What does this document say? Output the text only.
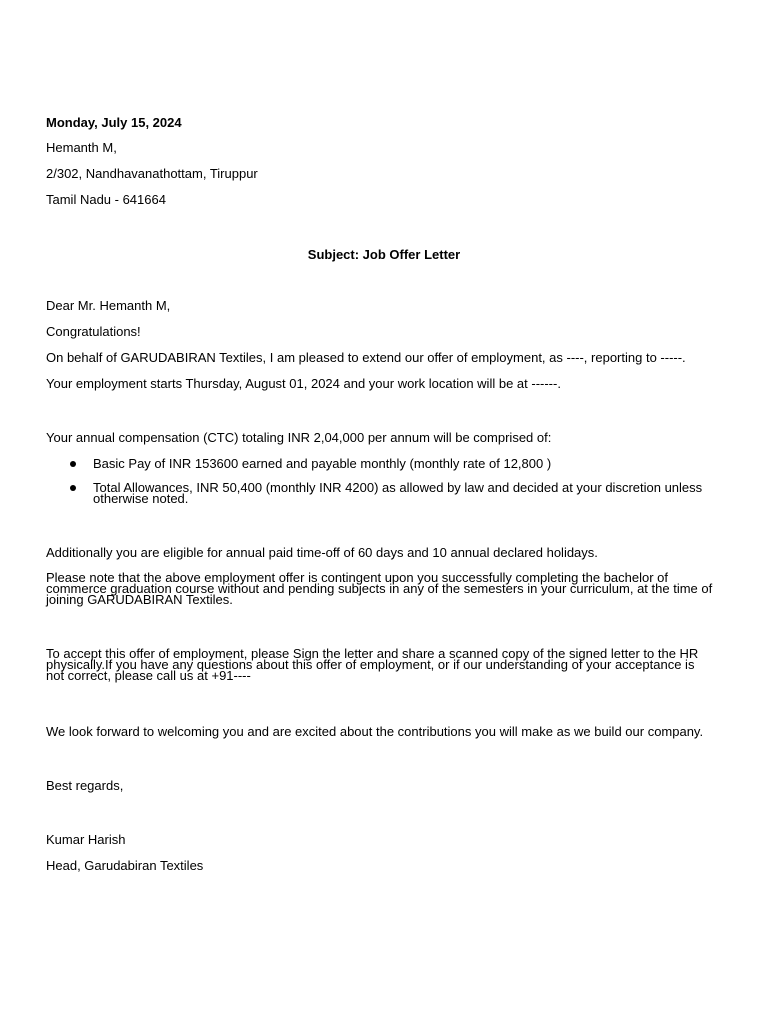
Monday, July 15, 2024

Hemanth M,

2/302, Nandhavanathottam, Tiruppur

Tamil Nadu - 641664

Subject: Job Offer Letter

Dear Mr. Hemanth M,

Congratulations!

On behalf of GARUDABIRAN Textiles, I am pleased to extend our offer of employment, as ----, reporting to -----.

Your employment starts Thursday, August 01, 2024 and your work location will be at ------.

Your annual compensation (CTC) totaling INR 2,04,000 per annum will be comprised of:

Basic Pay of INR 153600 earned and payable monthly (monthly rate of 12,800 )
Total Allowances, INR 50,400 (monthly INR 4200) as allowed by law and decided at your discretion unless otherwise noted.

Additionally you are eligible for annual paid time-off of 60 days and 10 annual declared holidays.

Please note that the above employment offer is contingent upon you successfully completing the bachelor of commerce graduation course without and pending subjects in any of the semesters in your curriculum, at the time of joining GARUDABIRAN Textiles.

To accept this offer of employment, please Sign the letter and share a scanned copy of the signed letter to the HR physically.If you have any questions about this offer of employment, or if our understanding of your acceptance is not correct, please call us at +91----

We look forward to welcoming you and are excited about the contributions you will make as we build our company.

Best regards,

Kumar Harish

Head, Garudabiran Textiles
